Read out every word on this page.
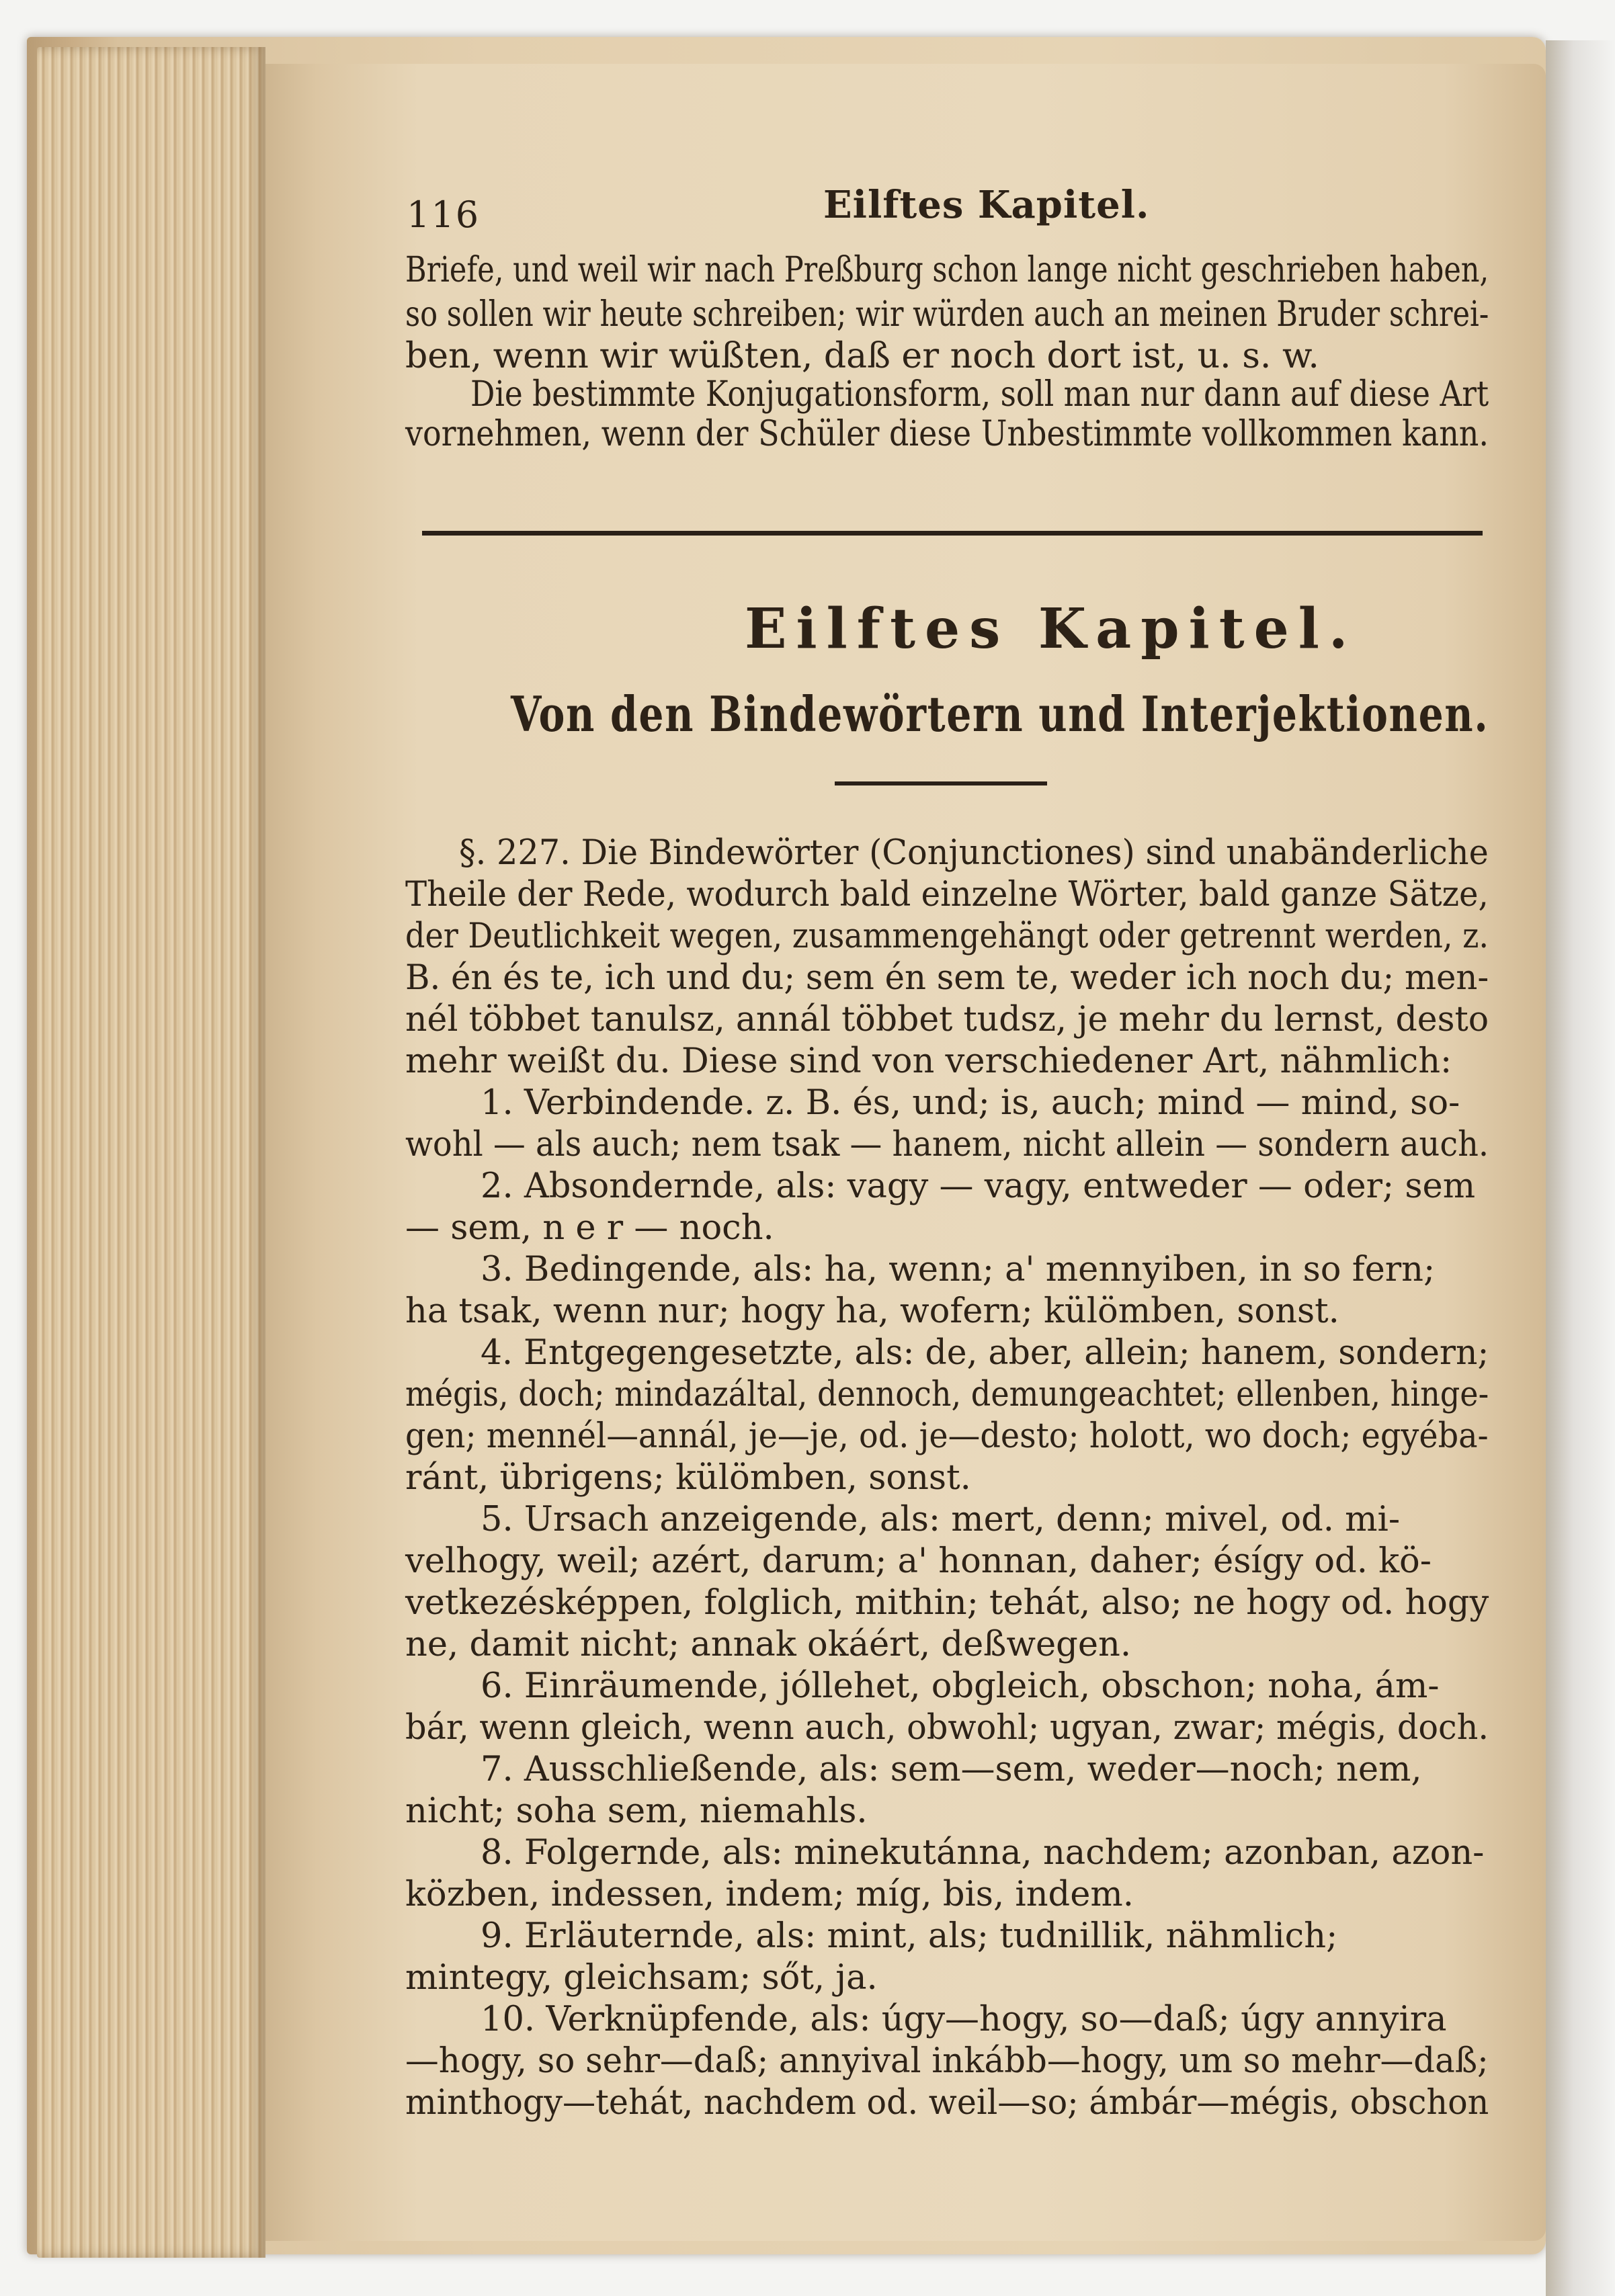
116	Eilftes Kapitel.
Briefe, und weil wir nach Preßburg schon lange nicht geschrieben haben,
so sollen wir heute schreiben; wir würden auch an meinen Bruder schrei-
ben, wenn wir wüßten, daß er noch dort ist, u. s. w.
Die bestimmte Konjugationsform, soll man nur dann auf diese Art
vornehmen, wenn der Schüler diese Unbestimmte vollkommen kann.
Eilftes Kapitel.
Von den Bindewörtern und Interjektionen.
§. 227. Die Bindewörter (Conjunctiones) sind unabänderliche
Theile der Rede, wodurch bald einzelne Wörter, bald ganze Sätze,
der Deutlichkeit wegen, zusammengehängt oder getrennt werden, z.
B. én és te, ich und du; sem én sem te, weder ich noch du; men-
nél többet tanulsz, annál többet tudsz, je mehr du lernst, desto
mehr weißt du. Diese sind von verschiedener Art, nähmlich:
1. Verbindende. z. B. és, und; is, auch; mind — mind, so-
wohl — als auch; nem tsak — hanem, nicht allein — sondern auch.
2. Absondernde, als: vagy — vagy, entweder — oder; sem
— sem, n e r — noch.
3. Bedingende, als: ha, wenn; a' mennyiben, in so fern;
ha tsak, wenn nur; hogy ha, wofern; külömben, sonst.
4. Entgegengesetzte, als: de, aber, allein; hanem, sondern;
mégis, doch; mindazáltal, dennoch, demungeachtet; ellenben, hinge-
gen; mennél—annál, je—je, od. je—desto; holott, wo doch; egyéba-
ránt, übrigens; külömben, sonst.
5. Ursach anzeigende, als: mert, denn; mivel, od. mi-
velhogy, weil; azért, darum; a' honnan, daher; ésígy od. kö-
vetkezésképpen, folglich, mithin; tehát, also; ne hogy od. hogy
ne, damit nicht; annak okáért, deßwegen.
6. Einräumende, jóllehet, obgleich, obschon; noha, ám-
bár, wenn gleich, wenn auch, obwohl; ugyan, zwar; mégis, doch.
7. Ausschließende, als: sem—sem, weder—noch; nem,
nicht; soha sem, niemahls.
8. Folgernde, als: minekutánna, nachdem; azonban, azon-
közben, indessen, indem; míg, bis, indem.
9. Erläuternde, als: mint, als; tudnillik, nähmlich;
mintegy, gleichsam; sőt, ja.
10. Verknüpfende, als: úgy—hogy, so—daß; úgy annyira
—hogy, so sehr—daß; annyival inkább—hogy, um so mehr—daß;
minthogy—tehát, nachdem od. weil—so; ámbár—mégis, obschon
